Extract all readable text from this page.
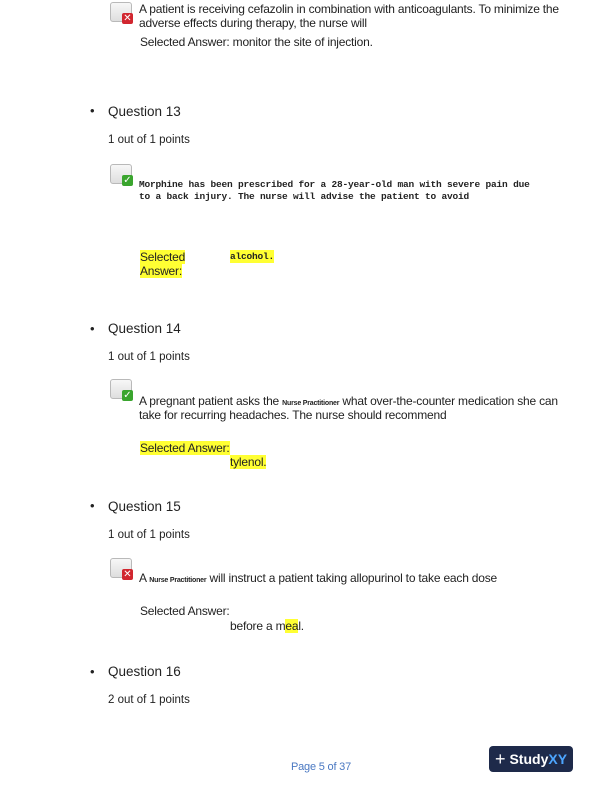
✕
A patient is receiving cefazolin in combination with anticoagulants. To minimize the
adverse effects during therapy, the nurse will
Selected Answer: monitor the site of injection.
• Question 13
1 out of 1 points
✓ Morphine has been prescribed for a 28-year-old man with severe pain due
to a back injury. The nurse will advise the patient to avoid
Selected
Answer:
alcohol.
• Question 14
1 out of 1 points
✓ A pregnant patient asks the Nurse Practitioner what over-the-counter medication she can
take for recurring headaches. The nurse should recommend
Selected Answer:
tylenol.
• Question 15
1 out of 1 points
✕ A Nurse Practitioner will instruct a patient taking allopurinol to take each dose
Selected Answer:
before a meal.
• Question 16
2 out of 1 points
Page 5 of 37	+ StudyXY
